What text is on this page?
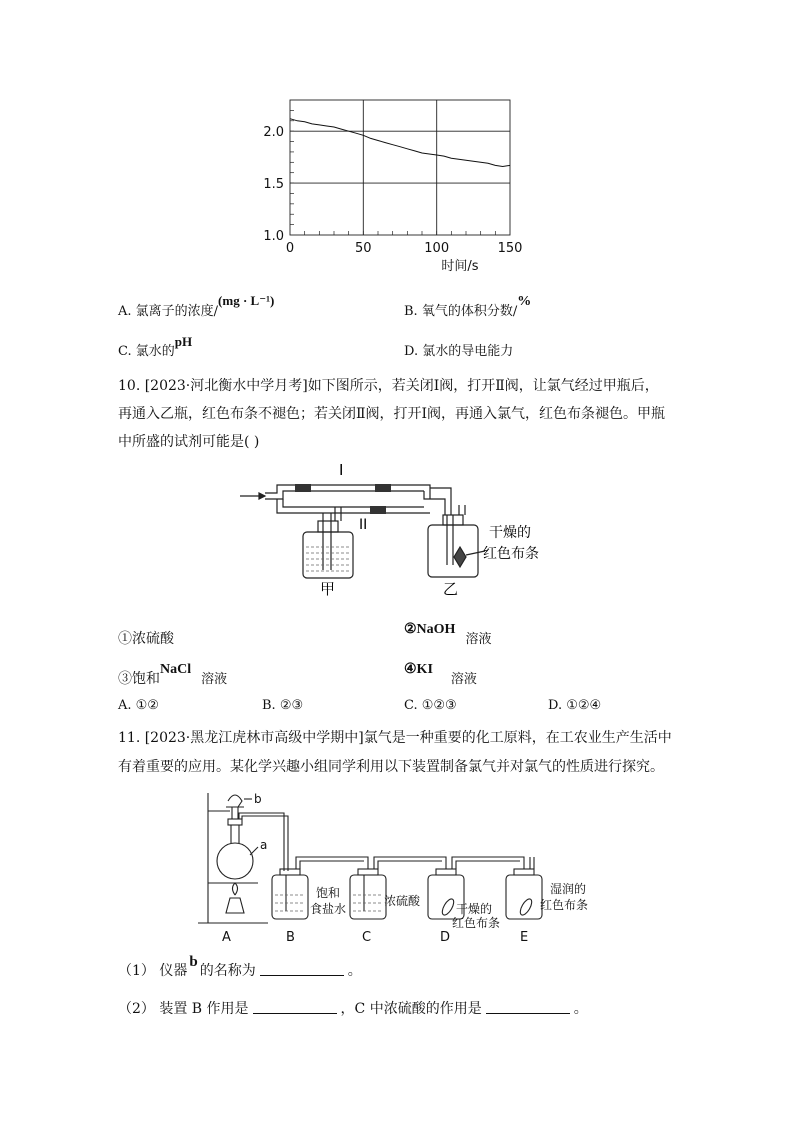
1.0
1.5
2.0
0	50	100	150
时间/s
A. 氯离子的浓度/(mg · L⁻¹)
B. 氧气的体积分数/%
C. 氯水的pH
D. 氯水的导电能力
10. [2023·河北衡水中学月考]如下图所示，若关闭Ⅰ阀，打开Ⅱ阀，让氯气经过甲瓶后，
再通入乙瓶，红色布条不褪色；若关闭Ⅱ阀，打开Ⅰ阀，再通入氯气，红色布条褪色。甲瓶
中所盛的试剂可能是( )
I
II	干燥的
红色布条
甲	乙
①浓硫酸
②NaOH溶液
③饱和NaCl溶液
④KI溶液
A. ①②	B. ②③	C. ①②③	D. ①②④
11. [2023·黑龙江虎林市高级中学期中]氯气是一种重要的化工原料，在工农业生产生活中
有着重要的应用。某化学兴趣小组同学利用以下装置制备氯气并对氯气的性质进行探究。
b
a
A	B	C	D	E
饱和
食盐水
浓硫酸
干燥的
红色布条
湿润的
红色布条
（1） 仪器b的名称为	。
（2） 装置 B 作用是	，C 中浓硫酸的作用是	。
